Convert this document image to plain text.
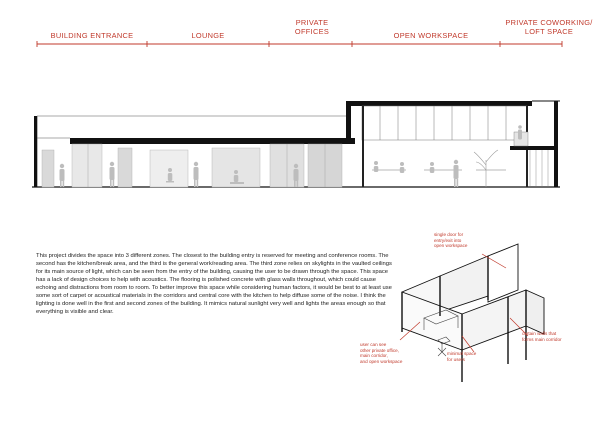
BUILDING ENTRANCE	LOUNGE
PRIVATE
OFFICES	OPEN WORKSPACE
PRIVATE COWORKING/
LOFT SPACE
This project divides the space into 3 different zones. The closest to the building entry is reserved for meeting and conference rooms. The second has the kitchen/break area, and the third is the general work/reading area. The third zone relies on skylights in the vaulted ceilings for its main source of light, which can be seen from the entry of the building, causing the user to be drawn through the space. This space has a lack of design choices to help with acoustics. The flooring is polished concrete with glass walls throughout, which could cause echoing and distractions from room to room. To better improve this space while considering human factors, it would be best to at least use some sort of carpet or acoustical materials in the corridors and central core with the kitchen to help diffuse some of the noise. I think the lighting is done well in the first and second zones of the building. It mimics natural sunlight very well and lights the areas enough so that everything is visible and clear.
single door for
entry/exit into
open workspace
curtain walls that
forms main corridor
minimal space
for users
user can see
other private office,
main corridor,
and open workspace
